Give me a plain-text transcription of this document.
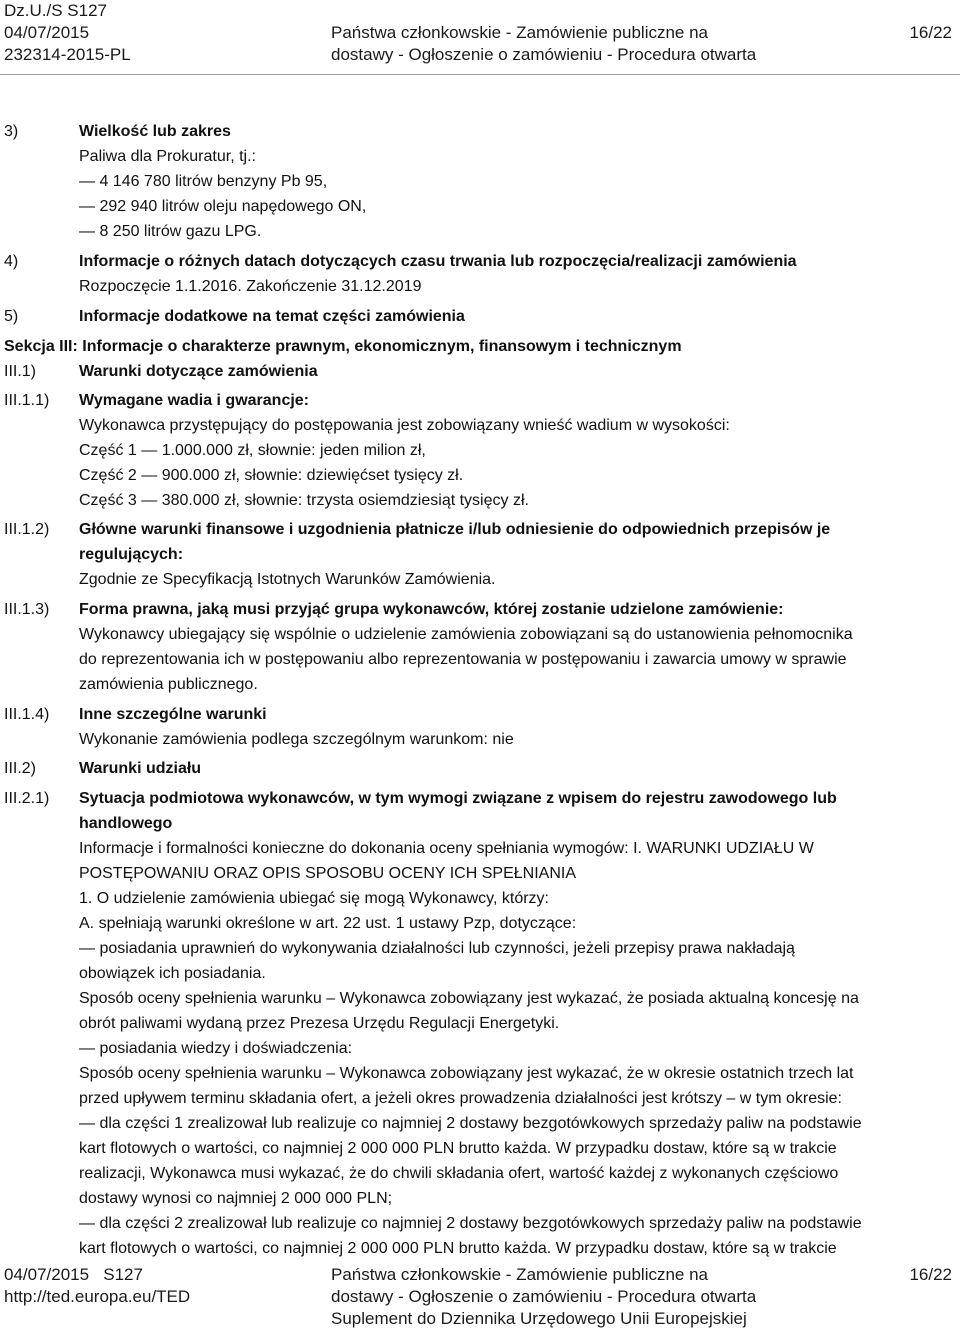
Dz.U./S S127
04/07/2015
232314-2015-PL
Państwa członkowskie - Zamówienie publiczne na
dostawy - Ogłoszenie o zamówieniu - Procedura otwarta
16/22
3)	Wielkość lub zakres
Paliwa dla Prokuratur, tj.:
— 4 146 780 litrów benzyny Pb 95,
— 292 940 litrów oleju napędowego ON,
— 8 250 litrów gazu LPG.
4)	Informacje o różnych datach dotyczących czasu trwania lub rozpoczęcia/realizacji zamówienia
Rozpoczęcie 1.1.2016. Zakończenie 31.12.2019
5)	Informacje dodatkowe na temat części zamówienia
Sekcja III: Informacje o charakterze prawnym, ekonomicznym, finansowym i technicznym
III.1)	Warunki dotyczące zamówienia
III.1.1) Wymagane wadia i gwarancje:
Wykonawca przystępujący do postępowania jest zobowiązany wnieść wadium w wysokości:
Część 1 — 1.000.000 zł, słownie: jeden milion zł,
Część 2 — 900.000 zł, słownie: dziewięćset tysięcy zł.
Część 3 — 380.000 zł, słownie: trzysta osiemdziesiąt tysięcy zł.
III.1.2) Główne warunki finansowe i uzgodnienia płatnicze i/lub odniesienie do odpowiednich przepisów je
regulujących:
Zgodnie ze Specyfikacją Istotnych Warunków Zamówienia.
III.1.3) Forma prawna, jaką musi przyjąć grupa wykonawców, której zostanie udzielone zamówienie:
Wykonawcy ubiegający się wspólnie o udzielenie zamówienia zobowiązani są do ustanowienia pełnomocnika
do reprezentowania ich w postępowaniu albo reprezentowania w postępowaniu i zawarcia umowy w sprawie
zamówienia publicznego.
III.1.4) Inne szczególne warunki
Wykonanie zamówienia podlega szczególnym warunkom: nie
III.2)	Warunki udziału
III.2.1) Sytuacja podmiotowa wykonawców, w tym wymogi związane z wpisem do rejestru zawodowego lub
handlowego
Informacje i formalności konieczne do dokonania oceny spełniania wymogów: I. WARUNKI UDZIAŁU W
POSTĘPOWANIU ORAZ OPIS SPOSOBU OCENY ICH SPEŁNIANIA
1. O udzielenie zamówienia ubiegać się mogą Wykonawcy, którzy:
A. spełniają warunki określone w art. 22 ust. 1 ustawy Pzp, dotyczące:
— posiadania uprawnień do wykonywania działalności lub czynności, jeżeli przepisy prawa nakładają
obowiązek ich posiadania.
Sposób oceny spełnienia warunku – Wykonawca zobowiązany jest wykazać, że posiada aktualną koncesję na
obrót paliwami wydaną przez Prezesa Urzędu Regulacji Energetyki.
— posiadania wiedzy i doświadczenia:
Sposób oceny spełnienia warunku – Wykonawca zobowiązany jest wykazać, że w okresie ostatnich trzech lat
przed upływem terminu składania ofert, a jeżeli okres prowadzenia działalności jest krótszy – w tym okresie:
— dla części 1 zrealizował lub realizuje co najmniej 2 dostawy bezgotówkowych sprzedaży paliw na podstawie
kart flotowych o wartości, co najmniej 2 000 000 PLN brutto każda. W przypadku dostaw, które są w trakcie
realizacji, Wykonawca musi wykazać, że do chwili składania ofert, wartość każdej z wykonanych częściowo
dostawy wynosi co najmniej 2 000 000 PLN;
— dla części 2 zrealizował lub realizuje co najmniej 2 dostawy bezgotówkowych sprzedaży paliw na podstawie
kart flotowych o wartości, co najmniej 2 000 000 PLN brutto każda. W przypadku dostaw, które są w trakcie
04/07/2015 S127
http://ted.europa.eu/TED
Państwa członkowskie - Zamówienie publiczne na
dostawy - Ogłoszenie o zamówieniu - Procedura otwarta
Suplement do Dziennika Urzędowego Unii Europejskiej
16/22
